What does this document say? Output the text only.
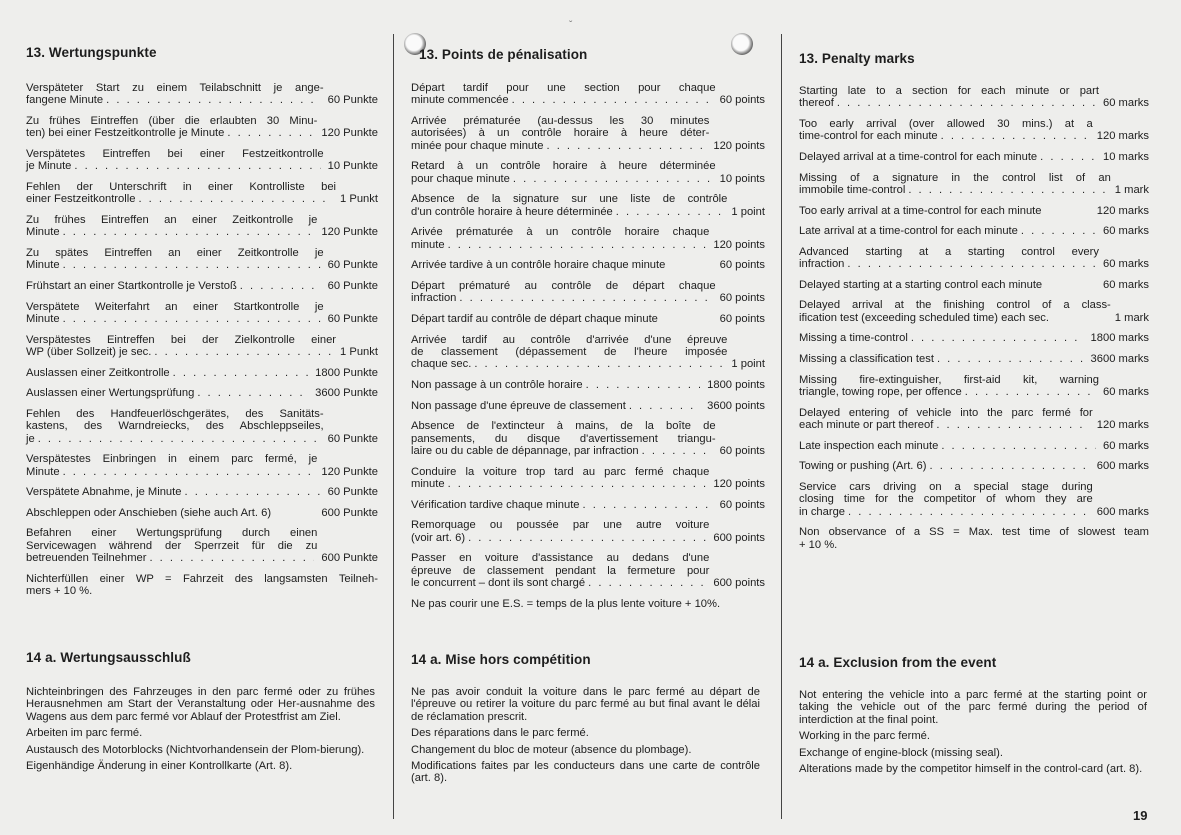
ˇ
13. Wertungspunkte
Verspäteter Start zu einem Teilabschnitt je ange-
fangene Minute . . .	60 Punkte
Zu frühes Eintreffen (über die erlaubten 30 Minu-
ten) bei einer Festzeitkontrolle je Minute . . .	120 Punkte
Verspätetes Eintreffen bei einer Festzeitkontrolle
je Minute . . .	10 Punkte
Fehlen der Unterschrift in einer Kontrolliste bei
einer Festzeitkontrolle . . .	1 Punkt
Zu frühes Eintreffen an einer Zeitkontrolle je
Minute . . .	120 Punkte
Zu spätes Eintreffen an einer Zeitkontrolle je
Minute . . .	60 Punkte
Frühstart an einer Startkontrolle je Verstoß . . .	60 Punkte
Verspätete Weiterfahrt an einer Startkontrolle je
Minute . . .	60 Punkte
Verspätestes Eintreffen bei der Zielkontrolle einer
WP (über Sollzeit) je sec. . . .	1 Punkt
Auslassen einer Zeitkontrolle . . .	1800 Punkte
Auslassen einer Wertungsprüfung . . .	3600 Punkte
Fehlen des Handfeuerlöschgerätes, des Sanitäts-
kastens, des Warndreiecks, des Abschleppseiles,
je . . .	60 Punkte
Verspätestes Einbringen in einem parc fermé, je
Minute . . .	120 Punkte
Verspätete Abnahme, je Minute . . .	60 Punkte
Abschleppen oder Anschieben (siehe auch Art. 6)	600 Punkte
Befahren einer Wertungsprüfung durch einen
Servicewagen während der Sperrzeit für die zu
betreuenden Teilnehmer . . .	600 Punkte
Nichterfüllen einer WP = Fahrzeit des langsamsten Teilneh-
mers + 10 %.
14 a. Wertungsausschluß

Nichteinbringen des Fahrzeuges in den parc fermé oder zu frühes Herausnehmen am Start der Veranstaltung oder Her-ausnahme des Wagens aus dem parc fermé vor Ablauf der Protestfrist am Ziel.

Arbeiten im parc fermé.

Austausch des Motorblocks (Nichtvorhandensein der Plom-bierung).

Eigenhändige Änderung in einer Kontrollkarte (Art. 8).

13. Points de pénalisation
Départ tardif pour une section pour chaque
minute commencée . . .	60 points
Arrivée prématurée (au-dessus les 30 minutes
autorisées) à un contrôle horaire à heure déter-
minée pour chaque minute . . .	120 points
Retard à un contrôle horaire à heure déterminée
pour chaque minute . . .	10 points
Absence de la signature sur une liste de contrôle
d'un contrôle horaire à heure déterminée . . .	1 point
Arivée prématurée à un contrôle horaire chaque
minute . . .	120 points
Arrivée tardive à un contrôle horaire chaque minute	60 points
Départ prématuré au contrôle de départ chaque
infraction . . .	60 points
Départ tardif au contrôle de départ chaque minute	60 points
Arrivée tardif au contrôle d'arrivée d'une épreuve
de classement (dépassement de l'heure imposée
chaque sec. . . .	1 point
Non passage à un contrôle horaire . . .	1800 points
Non passage d'une épreuve de classement . . .	3600 points
Absence de l'extincteur à mains, de la boîte de
pansements, du disque d'avertissement triangu-
laire ou du cable de dépannage, par infraction . . .	60 points
Conduire la voiture trop tard au parc fermé chaque
minute . . .	120 points
Vérification tardive chaque minute . . .	60 points
Remorquage ou poussée par une autre voiture
(voir art. 6) . . .	600 points
Passer en voiture d'assistance au dedans d'une
épreuve de classement pendant la fermeture pour
le concurrent – dont ils sont chargé . . .	600 points
Ne pas courir une E.S. = temps de la plus lente voiture + 10%.
14 a. Mise hors compétition

Ne pas avoir conduit la voiture dans le parc fermé au départ de l'épreuve ou retirer la voiture du parc fermé au but final avant le délai de réclamation prescrit.

Des réparations dans le parc fermé.

Changement du bloc de moteur (absence du plombage).

Modifications faites par les conducteurs dans une carte de contrôle (art. 8).

13. Penalty marks
Starting late to a section for each minute or part
thereof . . .	60 marks
Too early arrival (over allowed 30 mins.) at a
time-control for each minute . . .	120 marks
Delayed arrival at a time-control for each minute . . .	10 marks
Missing of a signature in the control list of an
immobile time-control . . .	1 mark
Too early arrival at a time-control for each minute	120 marks
Late arrival at a time-control for each minute . . .	60 marks
Advanced starting at a starting control every
infraction . . .	60 marks
Delayed starting at a starting control each minute	60 marks
Delayed arrival at the finishing control of a class-
ification test (exceeding scheduled time) each sec.	1 mark
Missing a time-control . . .	1800 marks
Missing a classification test . . .	3600 marks
Missing fire-extinguisher, first-aid kit, warning
triangle, towing rope, per offence . . .	60 marks
Delayed entering of vehicle into the parc fermé for
each minute or part thereof . . .	120 marks
Late inspection each minute . . .	60 marks
Towing or pushing (Art. 6) . . .	600 marks
Service cars driving on a special stage during
closing time for the competitor of whom they are
in charge . . .	600 marks
Non observance of a SS = Max. test time of slowest team
+ 10 %.
14 a. Exclusion from the event

Not entering the vehicle into a parc fermé at the starting point or taking the vehicle out of the parc fermé during the period of interdiction at the final point.

Working in the parc fermé.

Exchange of engine-block (missing seal).

Alterations made by the competitor himself in the control-card (art. 8).

19
